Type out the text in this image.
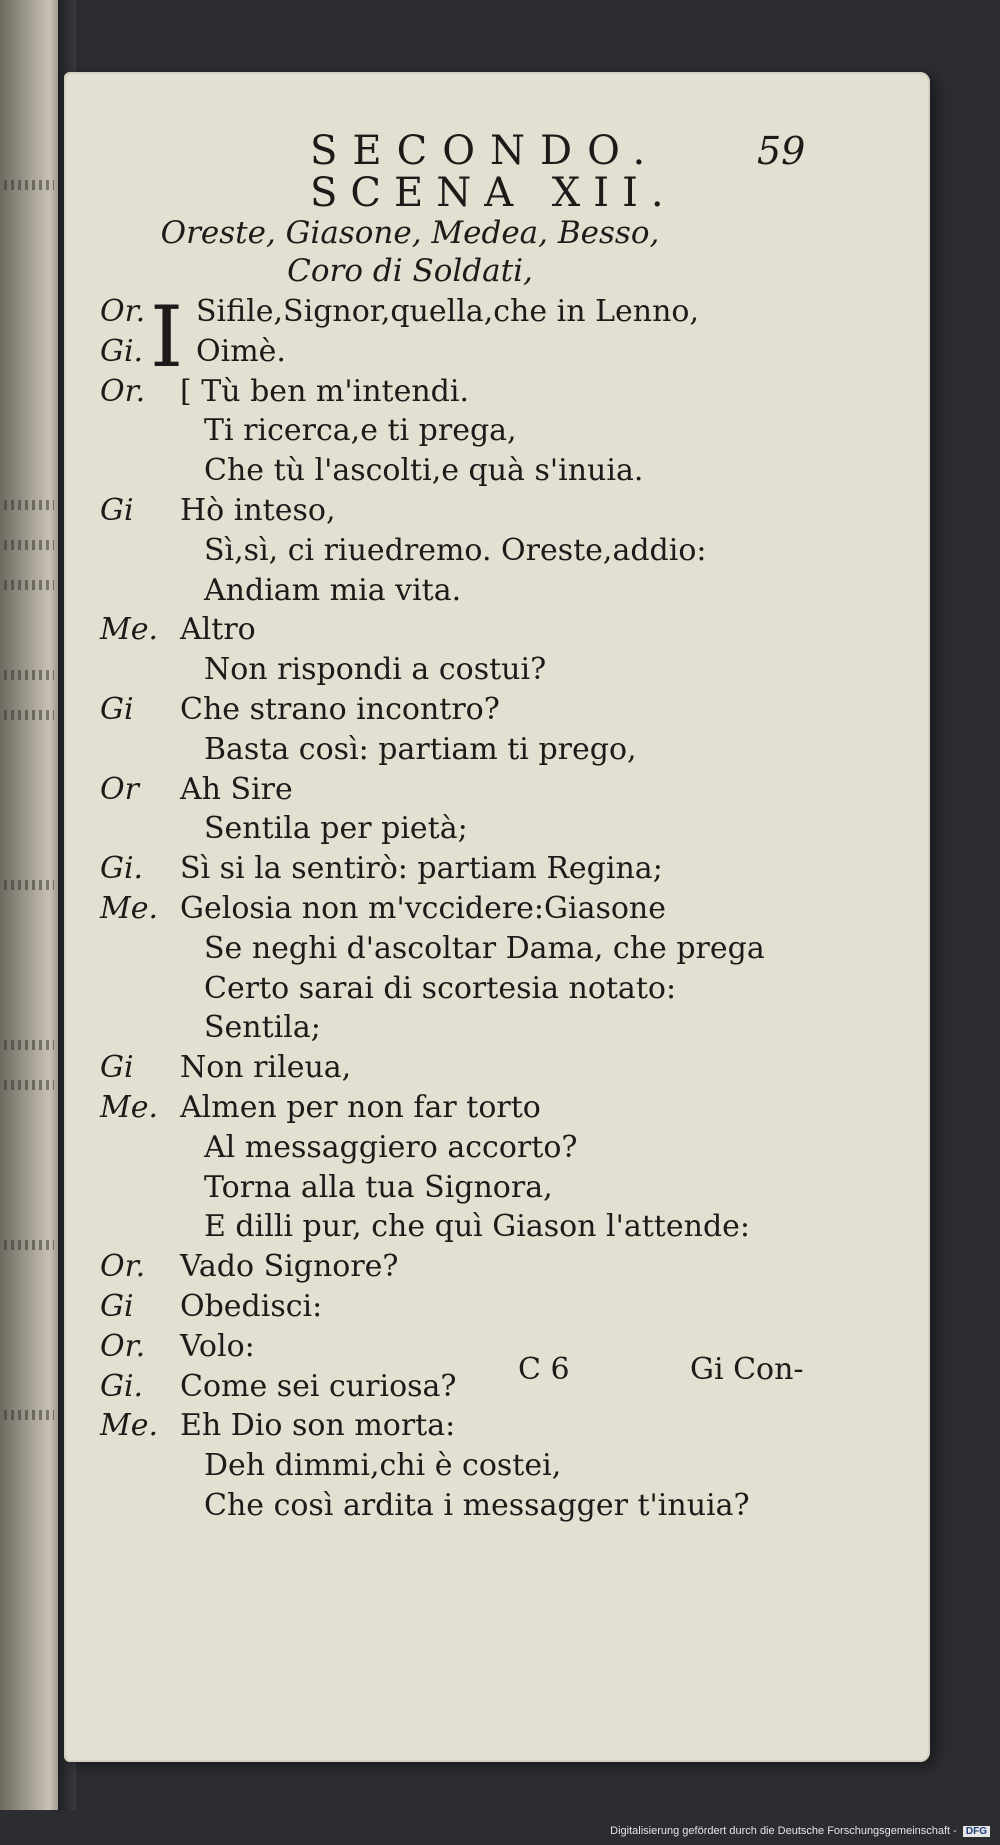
SECONDO.	59
SCENA XII.
Oreste, Giasone, Medea, Besso,
Coro di Soldati,
I
Or. Sifile,Signor,quella,che in Lenno,
Gi. Oimè.
Or. [ Tù ben m'intendi.
Ti ricerca,e ti prega,
Che tù l'ascolti,e quà s'inuia.
Gi Hò inteso,
Sì,sì, ci riuedremo. Oreste,addio:
Andiam mia vita.
Me. Altro
Non rispondi a costui?
Gi Che strano incontro?
Basta così: partiam ti prego,
Or Ah Sire
Sentila per pietà;
Gi. Sì si la sentirò: partiam Regina;
Me. Gelosia non m'vccidere:Giasone
Se neghi d'ascoltar Dama, che prega
Certo sarai di scortesia notato:
Sentila;
Gi Non rileua,
Me. Almen per non far torto
Al messaggiero accorto?
Torna alla tua Signora,
E dilli pur, che quì Giason l'attende:
Or. Vado Signore?
Gi Obedisci:
Or. Volo:
Gi. Come sei curiosa?
Me. Eh Dio son morta:
Deh dimmi,chi è costei,
Che così ardita i messagger t'inuia?
C 6	Gi Con-
Digitalisierung gefördert durch die Deutsche Forschungsgemeinschaft - DFG
